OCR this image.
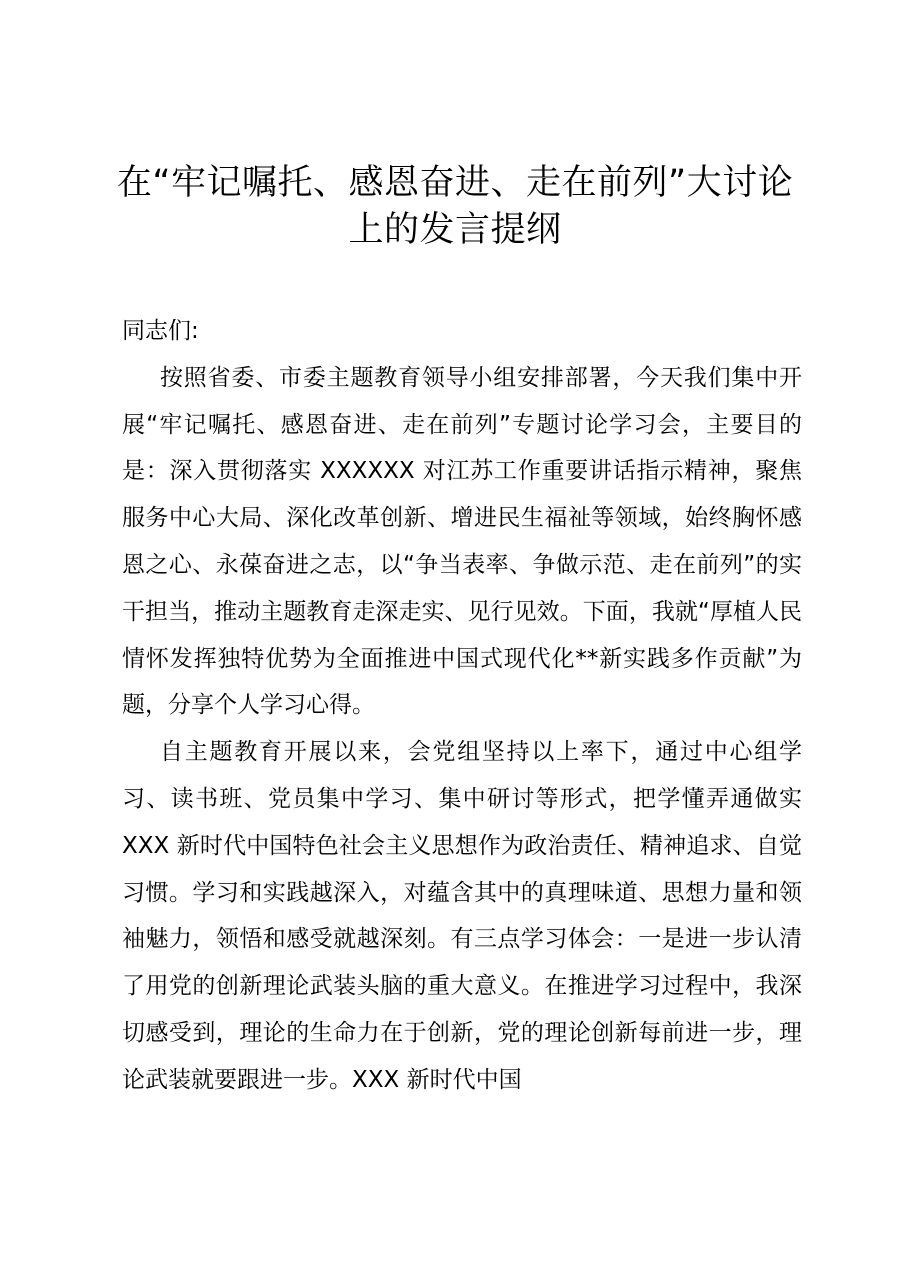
在“牢记嘱托、感恩奋进、走在前列”大讨论
上的发言提纲

同志们:

按照省委、市委主题教育领导小组安排部署，今天我们集中开展“牢记嘱托、感恩奋进、走在前列”专题讨论学习会，主要目的是：深入贯彻落实 XXXXXX 对江苏工作重要讲话指示精神，聚焦服务中心大局、深化改革创新、增进民生福祉等领域，始终胸怀感恩之心、永葆奋进之志，以“争当表率、争做示范、走在前列”的实干担当，推动主题教育走深走实、见行见效。下面，我就“厚植人民情怀发挥独特优势为全面推进中国式现代化**新实践多作贡献”为题，分享个人学习心得。

自主题教育开展以来，会党组坚持以上率下，通过中心组学习、读书班、党员集中学习、集中研讨等形式，把学懂弄通做实 XXX 新时代中国特色社会主义思想作为政治责任、精神追求、自觉习惯。学习和实践越深入，对蕴含其中的真理味道、思想力量和领袖魅力，领悟和感受就越深刻。有三点学习体会：一是进一步认清了用党的创新理论武装头脑的重大意义。在推进学习过程中，我深切感受到，理论的生命力在于创新，党的理论创新每前进一步，理论武装就要跟进一步。XXX 新时代中国
